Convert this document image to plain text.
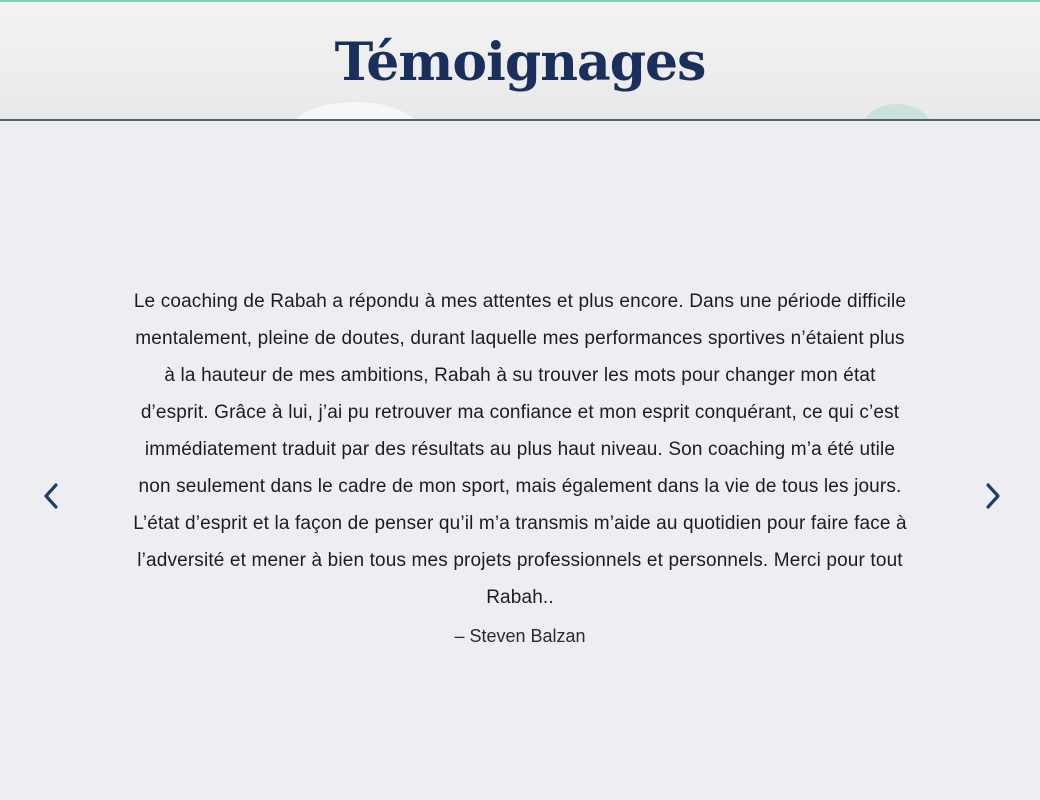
Témoignages

Le coaching de Rabah a répondu à mes attentes et plus encore. Dans une période difficile mentalement, pleine de doutes, durant laquelle mes performances sportives n’étaient plus à la hauteur de mes ambitions, Rabah à su trouver les mots pour changer mon état d’esprit. Grâce à lui, j’ai pu retrouver ma confiance et mon esprit conquérant, ce qui c’est immédiatement traduit par des résultats au plus haut niveau. Son coaching m’a été utile non seulement dans le cadre de mon sport, mais également dans la vie de tous les jours. L’état d’esprit et la façon de penser qu’il m’a transmis m’aide au quotidien pour faire face à l’adversité et mener à bien tous mes projets professionnels et personnels. Merci pour tout Rabah..

– Steven Balzan
